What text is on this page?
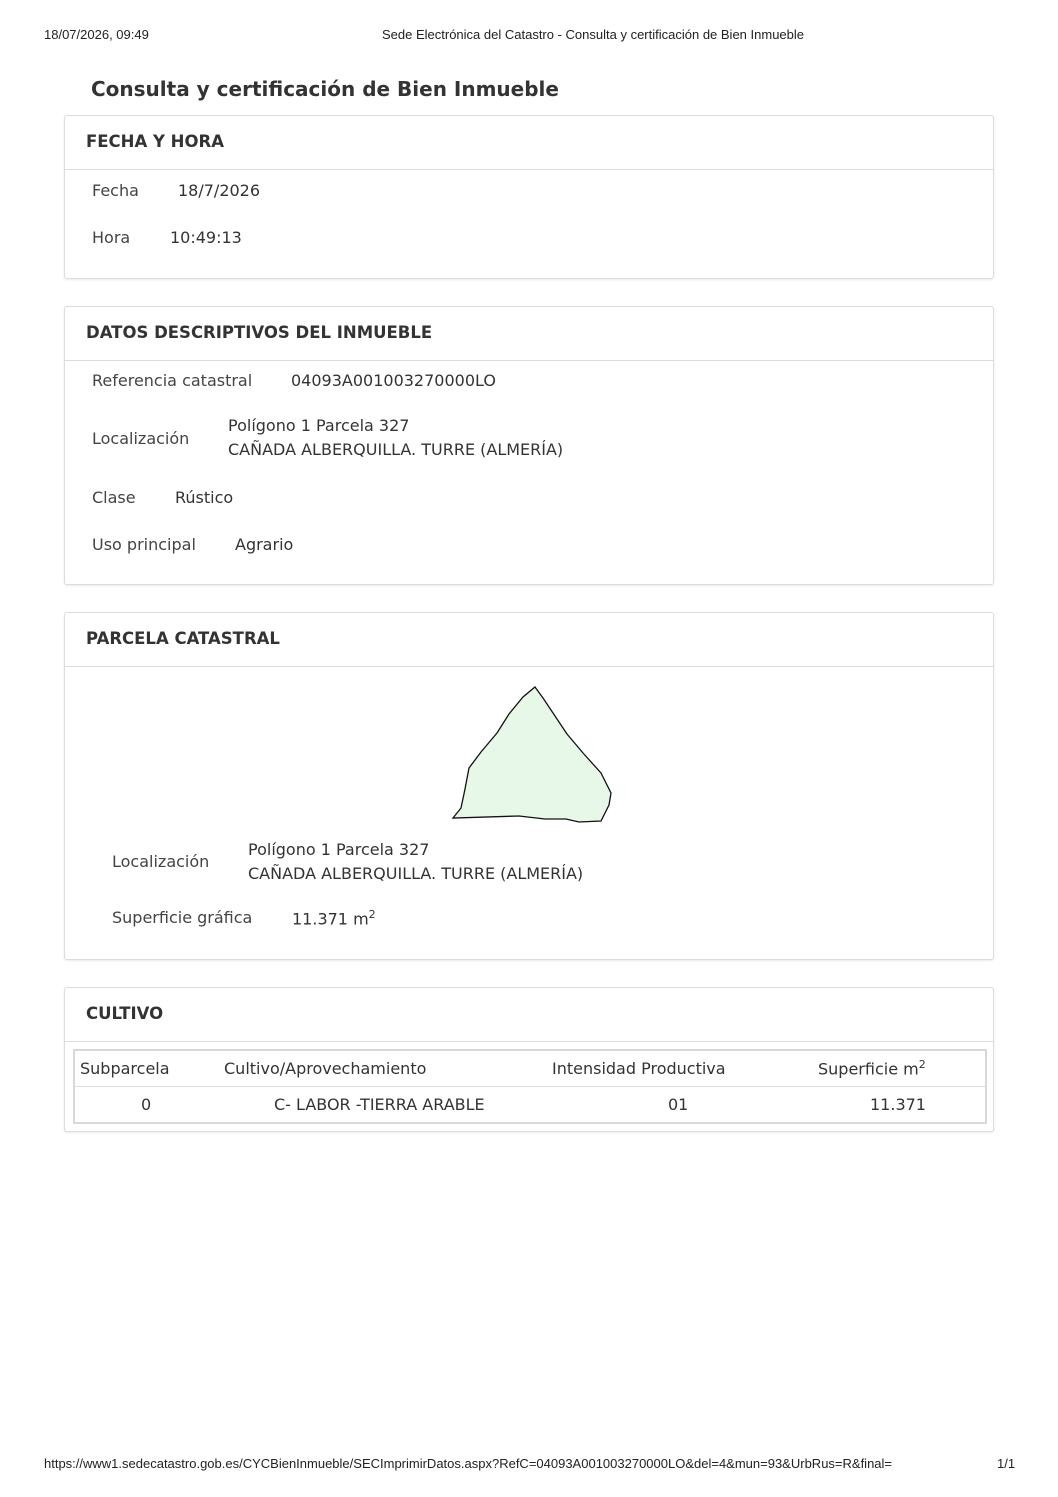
18/07/2026, 09:49	Sede Electrónica del Catastro - Consulta y certificación de Bien Inmueble
Consulta y certificación de Bien Inmueble
FECHA Y HORA
Fecha 18/7/2026
Hora 10:49:13
DATOS DESCRIPTIVOS DEL INMUEBLE
Referencia catastral 04093A001003270000LO
Localización
Polígono 1 Parcela 327
CAÑADA ALBERQUILLA. TURRE (ALMERÍA)
Clase Rústico
Uso principal Agrario
PARCELA CATASTRAL
Localización
Polígono 1 Parcela 327
CAÑADA ALBERQUILLA. TURRE (ALMERÍA)
Superficie gráfica 11.371 $m^2$
CULTIVO
Subparcela	Cultivo/Aprovechamiento	Intensidad Productiva	Superficie $m^2$
0	C- LABOR -TIERRA ARABLE	01	11.371
https://www1.sedecatastro.gob.es/CYCBienInmueble/SECImprimirDatos.aspx?RefC=04093A001003270000LO&del=4&mun=93&UrbRus=R&final=	1/1
